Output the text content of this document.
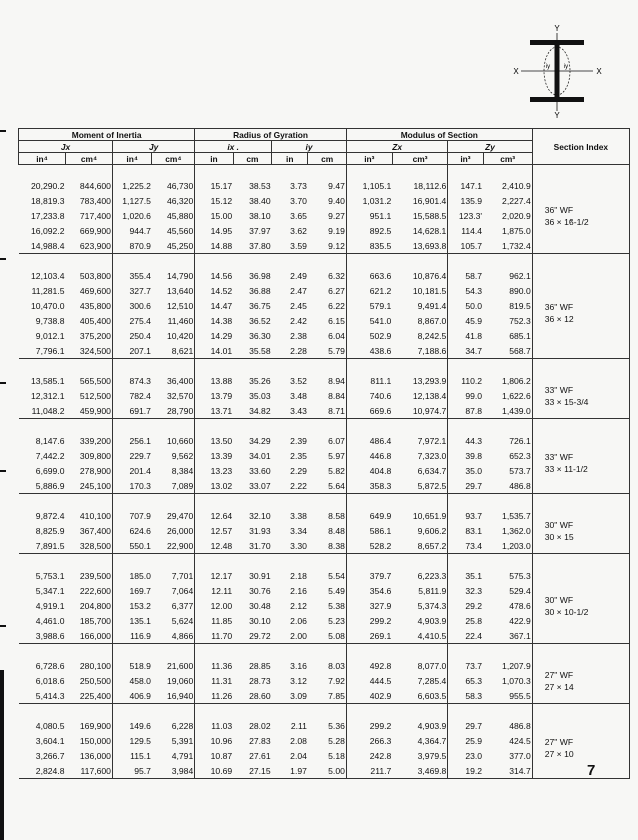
Y
X	X
iy iy
Y
Moment of Inertia				Radius of Gyration				Modulus of Section				Section Index
Jx		Jy		ix .		iy		Zx		Zy		
in⁴	cm⁴	in⁴	cm⁴	in	cm	in	cm	in³	cm³	in³	cm³	

20,290.2	844,600	1,225.2	46,730	15.17	38.53	3.73	9.47	1,105.1	18,112.6	147.1	2,410.9	36" WF
36 × 1ϐ-1/2

18,819.3	783,400	1,127.5	46,320	15.12	38.40	3.70	9.40	1,031.2	16,901.4	135.9	2,227.4	
17,233.8	717,400	1,020.6	45,880	15.00	38.10	3.65	9.27	951.1	15,588.5	123.3'	2,020.9	
16,092.2	669,900	944.7	45,560	14.95	37.97	3.62	9.19	892.5	14,628.1	114.4	1,875.0	
14,988.4	623,900	870.9	45,250	14.88	37.80	3.59	9.12	835.5	13,693.8	105.7	1,732.4	

12,103.4	503,800	355.4	14,790	14.56	36.98	2.49	6.32	663.6	10,876.4	58.7	962.1	36" WF
36 × 12

11,281.5	469,600	327.7	13,640	14.52	36.88	2.47	6.27	621.2	10,181.5	54.3	890.0	
10,470.0	435,800	300.6	12,510	14.47	36.75	2.45	6.22	579.1	9,491.4	50.0	819.5	
9,738.8	405,400	275.4	11,460	14.38	36.52	2.42	6.15	541.0	8,867.0	45.9	752.3	
9,012.1	375,200	250.4	10,420	14.29	36.30	2.38	6.04	502.9	8,242.5	41.8	685.1	
7,796.1	324,500	207.1	8,621	14.01	35.58	2.28	5.79	438.6	7,188.6	34.7	568.7	

13,585.1	565,500	874.3	36,400	13.88	35.26	3.52	8.94	811.1	13,293.9	110.2	1,806.2	33" WF
33 × 15-3/4

12,312.1	512,500	782.4	32,570	13.79	35.03	3.48	8.84	740.6	12,138.4	99.0	1,622.6	
11,048.2	459,900	691.7	28,790	13.71	34.82	3.43	8.71	669.6	10,974.7	87.8	1,439.0	

8,147.6	339,200	256.1	10,660	13.50	34.29	2.39	6.07	486.4	7,972.1	44.3	726.1	33" WF
33 × 11-1/2

7,442.2	309,800	229.7	9,562	13.39	34.01	2.35	5.97	446.8	7,323.0	39.8	652.3	
6,699.0	278,900	201.4	8,384	13.23	33.60	2.29	5.82	404.8	6,634.7	35.0	573.7	
5,886.9	245,100	170.3	7,089	13.02	33.07	2.22	5.64	358.3	5,872.5	29.7	486.8	

9,872.4	410,100	707.9	29,470	12.64	32.10	3.38	8.58	649.9	10,651.9	93.7	1,535.7	30" WF
30 × 15

8,825.9	367,400	624.6	26,000	12.57	31.93	3.34	8.48	586.1	9,606.2	83.1	1,362.0	
7,891.5	328,500	550.1	22,900	12.48	31.70	3.30	8.38	528.2	8,657.2	73.4	1,203.0	

5,753.1	239,500	185.0	7,701	12.17	30.91	2.18	5.54	379.7	6,223.3	35.1	575.3	30" WF
30 × 10-1/2

5,347.1	222,600	169.7	7,064	12.11	30.76	2.16	5.49	354.6	5,811.9	32.3	529.4	
4,919.1	204,800	153.2	6,377	12.00	30.48	2.12	5.38	327.9	5,374.3	29.2	478.6	
4,461.0	185,700	135.1	5,624	11.85	30.10	2.06	5.23	299.2	4,903.9	25.8	422.9	
3,988.6	166,000	116.9	4,866	11.70	29.72	2.00	5.08	269.1	4,410.5	22.4	367.1	

6,728.6	280,100	518.9	21,600	11.36	28.85	3.16	8.03	492.8	8,077.0	73.7	1,207.9	27" WF
27 × 14

6,018.6	250,500	458.0	19,060	11.31	28.73	3.12	7.92	444.5	7,285.4	65.3	1,070.3	
5,414.3	225,400	406.9	16,940	11.26	28.60	3.09	7.85	402.9	6,603.5	58.3	955.5	

4,080.5	169,900	149.6	6,228	11.03	28.02	2.11	5.36	299.2	4,903.9	29.7	486.8	27" WF
27 × 10

3,604.1	150,000	129.5	5,391	10.96	27.83	2.08	5.28	266.3	4,364.7	25.9	424.5	
3,266.7	136,000	115.1	4,791	10.87	27.61	2.04	5.18	242.8	3,979.5	23.0	377.0	
2,824.8	117,600	95.7	3,984	10.69	27.15	1.97	5.00	211.7	3,469.8	19.2	314.7	
													7
